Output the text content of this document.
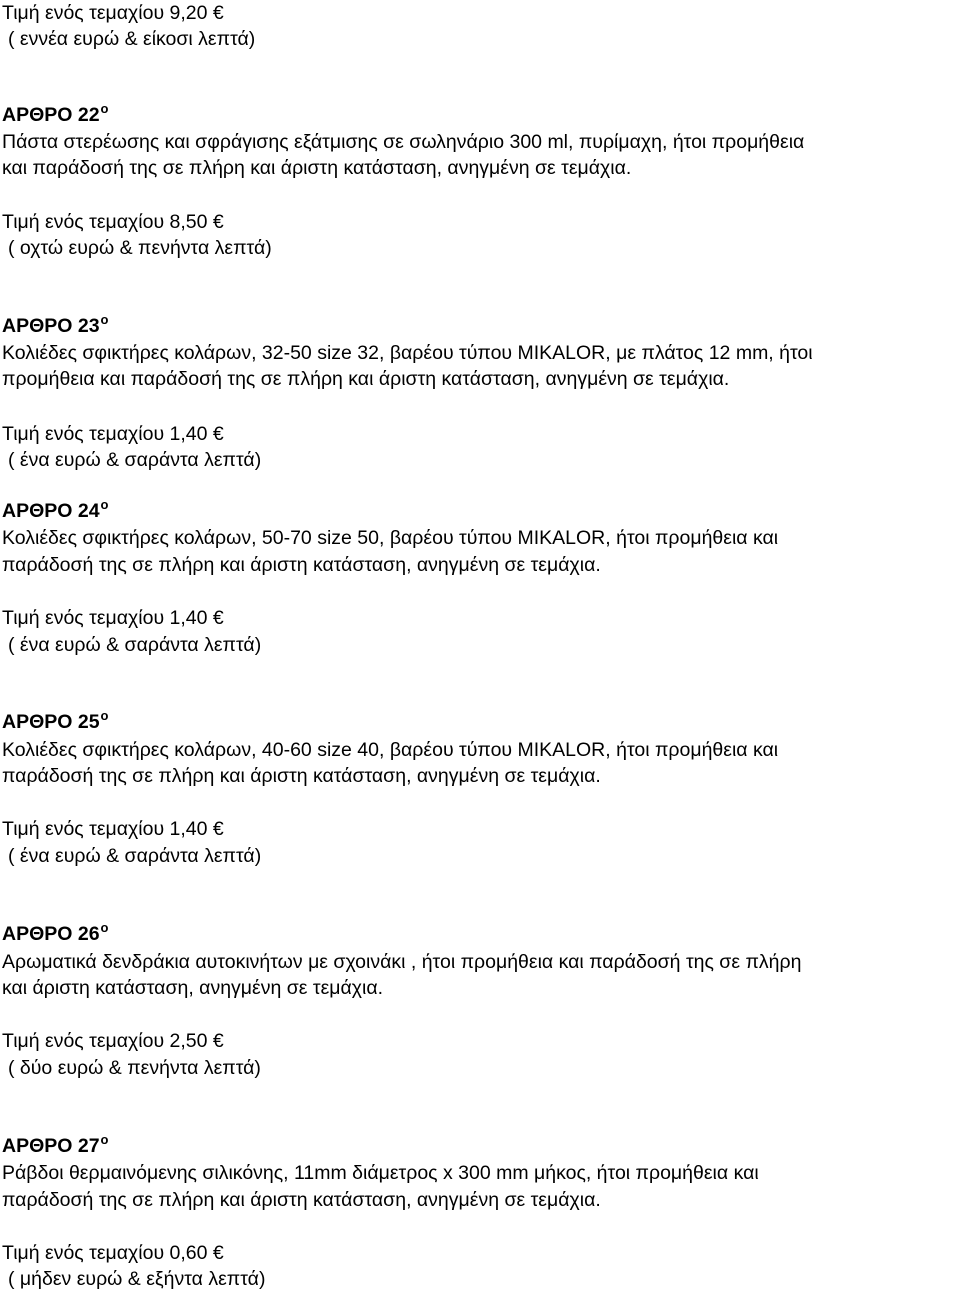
Τιμή ενός τεμαχίου 9,20 €
( εννέα ευρώ & είκοσι λεπτά)
ΑΡΘΡΟ $22^o$
Πάστα στερέωσης και σφράγισης εξάτμισης σε σωληνάριο 300 ml, πυρίμαχη, ήτοι προμήθεια
και παράδοσή της σε πλήρη και άριστη κατάσταση, ανηγμένη σε τεμάχια.
Τιμή ενός τεμαχίου 8,50 €
( οχτώ ευρώ & πενήντα λεπτά)
ΑΡΘΡΟ $23^o$
Κολιέδες σφικτήρες κολάρων, 32-50 size 32, βαρέου τύπου MIKALOR, με πλάτος 12 mm, ήτοι
προμήθεια και παράδοσή της σε πλήρη και άριστη κατάσταση, ανηγμένη σε τεμάχια.
Τιμή ενός τεμαχίου 1,40 €
( ένα ευρώ & σαράντα λεπτά)
ΑΡΘΡΟ $24^o$
Κολιέδες σφικτήρες κολάρων, 50-70 size 50, βαρέου τύπου MIKALOR, ήτοι προμήθεια και
παράδοσή της σε πλήρη και άριστη κατάσταση, ανηγμένη σε τεμάχια.
Τιμή ενός τεμαχίου 1,40 €
( ένα ευρώ & σαράντα λεπτά)
ΑΡΘΡΟ $25^o$
Κολιέδες σφικτήρες κολάρων, 40-60 size 40, βαρέου τύπου MIKALOR, ήτοι προμήθεια και
παράδοσή της σε πλήρη και άριστη κατάσταση, ανηγμένη σε τεμάχια.
Τιμή ενός τεμαχίου 1,40 €
( ένα ευρώ & σαράντα λεπτά)
ΑΡΘΡΟ $26^o$
Αρωματικά δενδράκια αυτοκινήτων με σχοινάκι , ήτοι προμήθεια και παράδοσή της σε πλήρη
και άριστη κατάσταση, ανηγμένη σε τεμάχια.
Τιμή ενός τεμαχίου 2,50 €
( δύο ευρώ & πενήντα λεπτά)
ΑΡΘΡΟ $27^o$
Ράβδοι θερμαινόμενης σιλικόνης, 11mm διάμετρος x 300 mm μήκος, ήτοι προμήθεια και
παράδοσή της σε πλήρη και άριστη κατάσταση, ανηγμένη σε τεμάχια.
Τιμή ενός τεμαχίου 0,60 €
( μήδεν ευρώ & εξήντα λεπτά)
